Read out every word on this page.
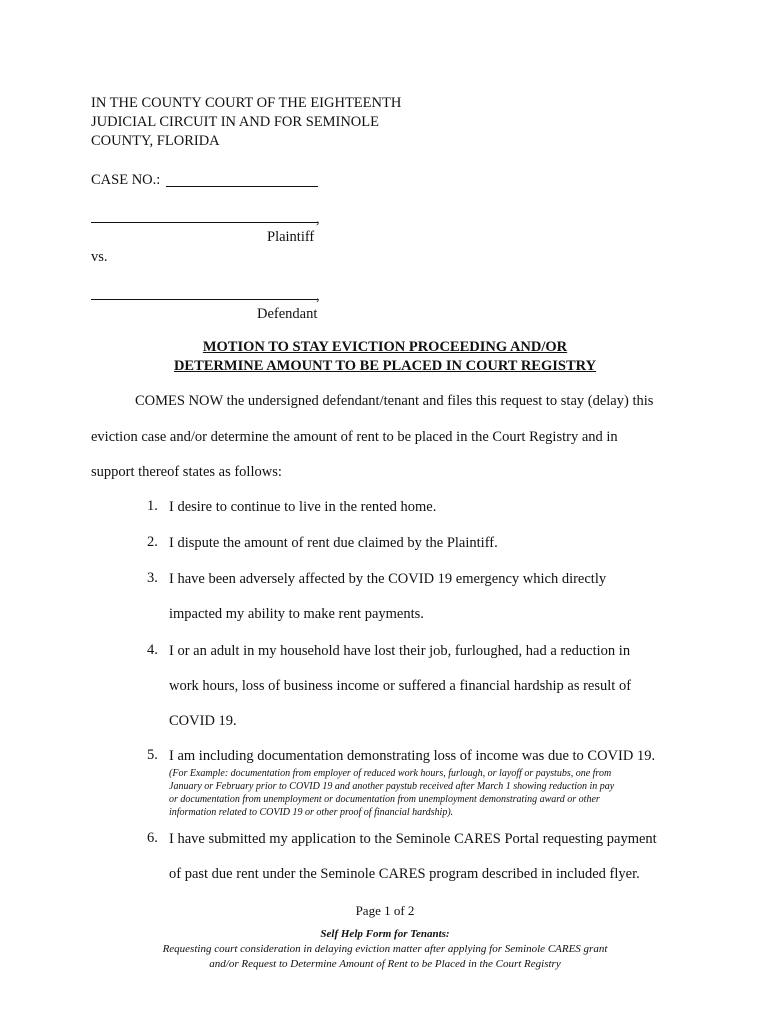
IN THE COUNTY COURT OF THE EIGHTEENTH
JUDICIAL CIRCUIT IN AND FOR SEMINOLE
COUNTY, FLORIDA
CASE NO.:
,
Plaintiff
vs.
,
Defendant
MOTION TO STAY EVICTION PROCEEDING AND/OR
DETERMINE AMOUNT TO BE PLACED IN COURT REGISTRY
COMES NOW the undersigned defendant/tenant and files this request to stay (delay) this
eviction case and/or determine the amount of rent to be placed in the Court Registry and in
support thereof states as follows:
1. I desire to continue to live in the rented home.
2. I dispute the amount of rent due claimed by the Plaintiff.
3. I have been adversely affected by the COVID 19 emergency which directly
impacted my ability to make rent payments.
4. I or an adult in my household have lost their job, furloughed, had a reduction in
work hours, loss of business income or suffered a financial hardship as result of
COVID 19.
5. I am including documentation demonstrating loss of income was due to COVID 19.
(For Example: documentation from employer of reduced work hours, furlough, or layoff or paystubs, one from
January or February prior to COVID 19 and another paystub received after March 1 showing reduction in pay
or documentation from unemployment or documentation from unemployment demonstrating award or other
information related to COVID 19 or other proof of financial hardship).
6. I have submitted my application to the Seminole CARES Portal requesting payment
of past due rent under the Seminole CARES program described in included flyer.
Page 1 of 2
Self Help Form for Tenants:
Requesting court consideration in delaying eviction matter after applying for Seminole CARES grant
and/or Request to Determine Amount of Rent to be Placed in the Court Registry
